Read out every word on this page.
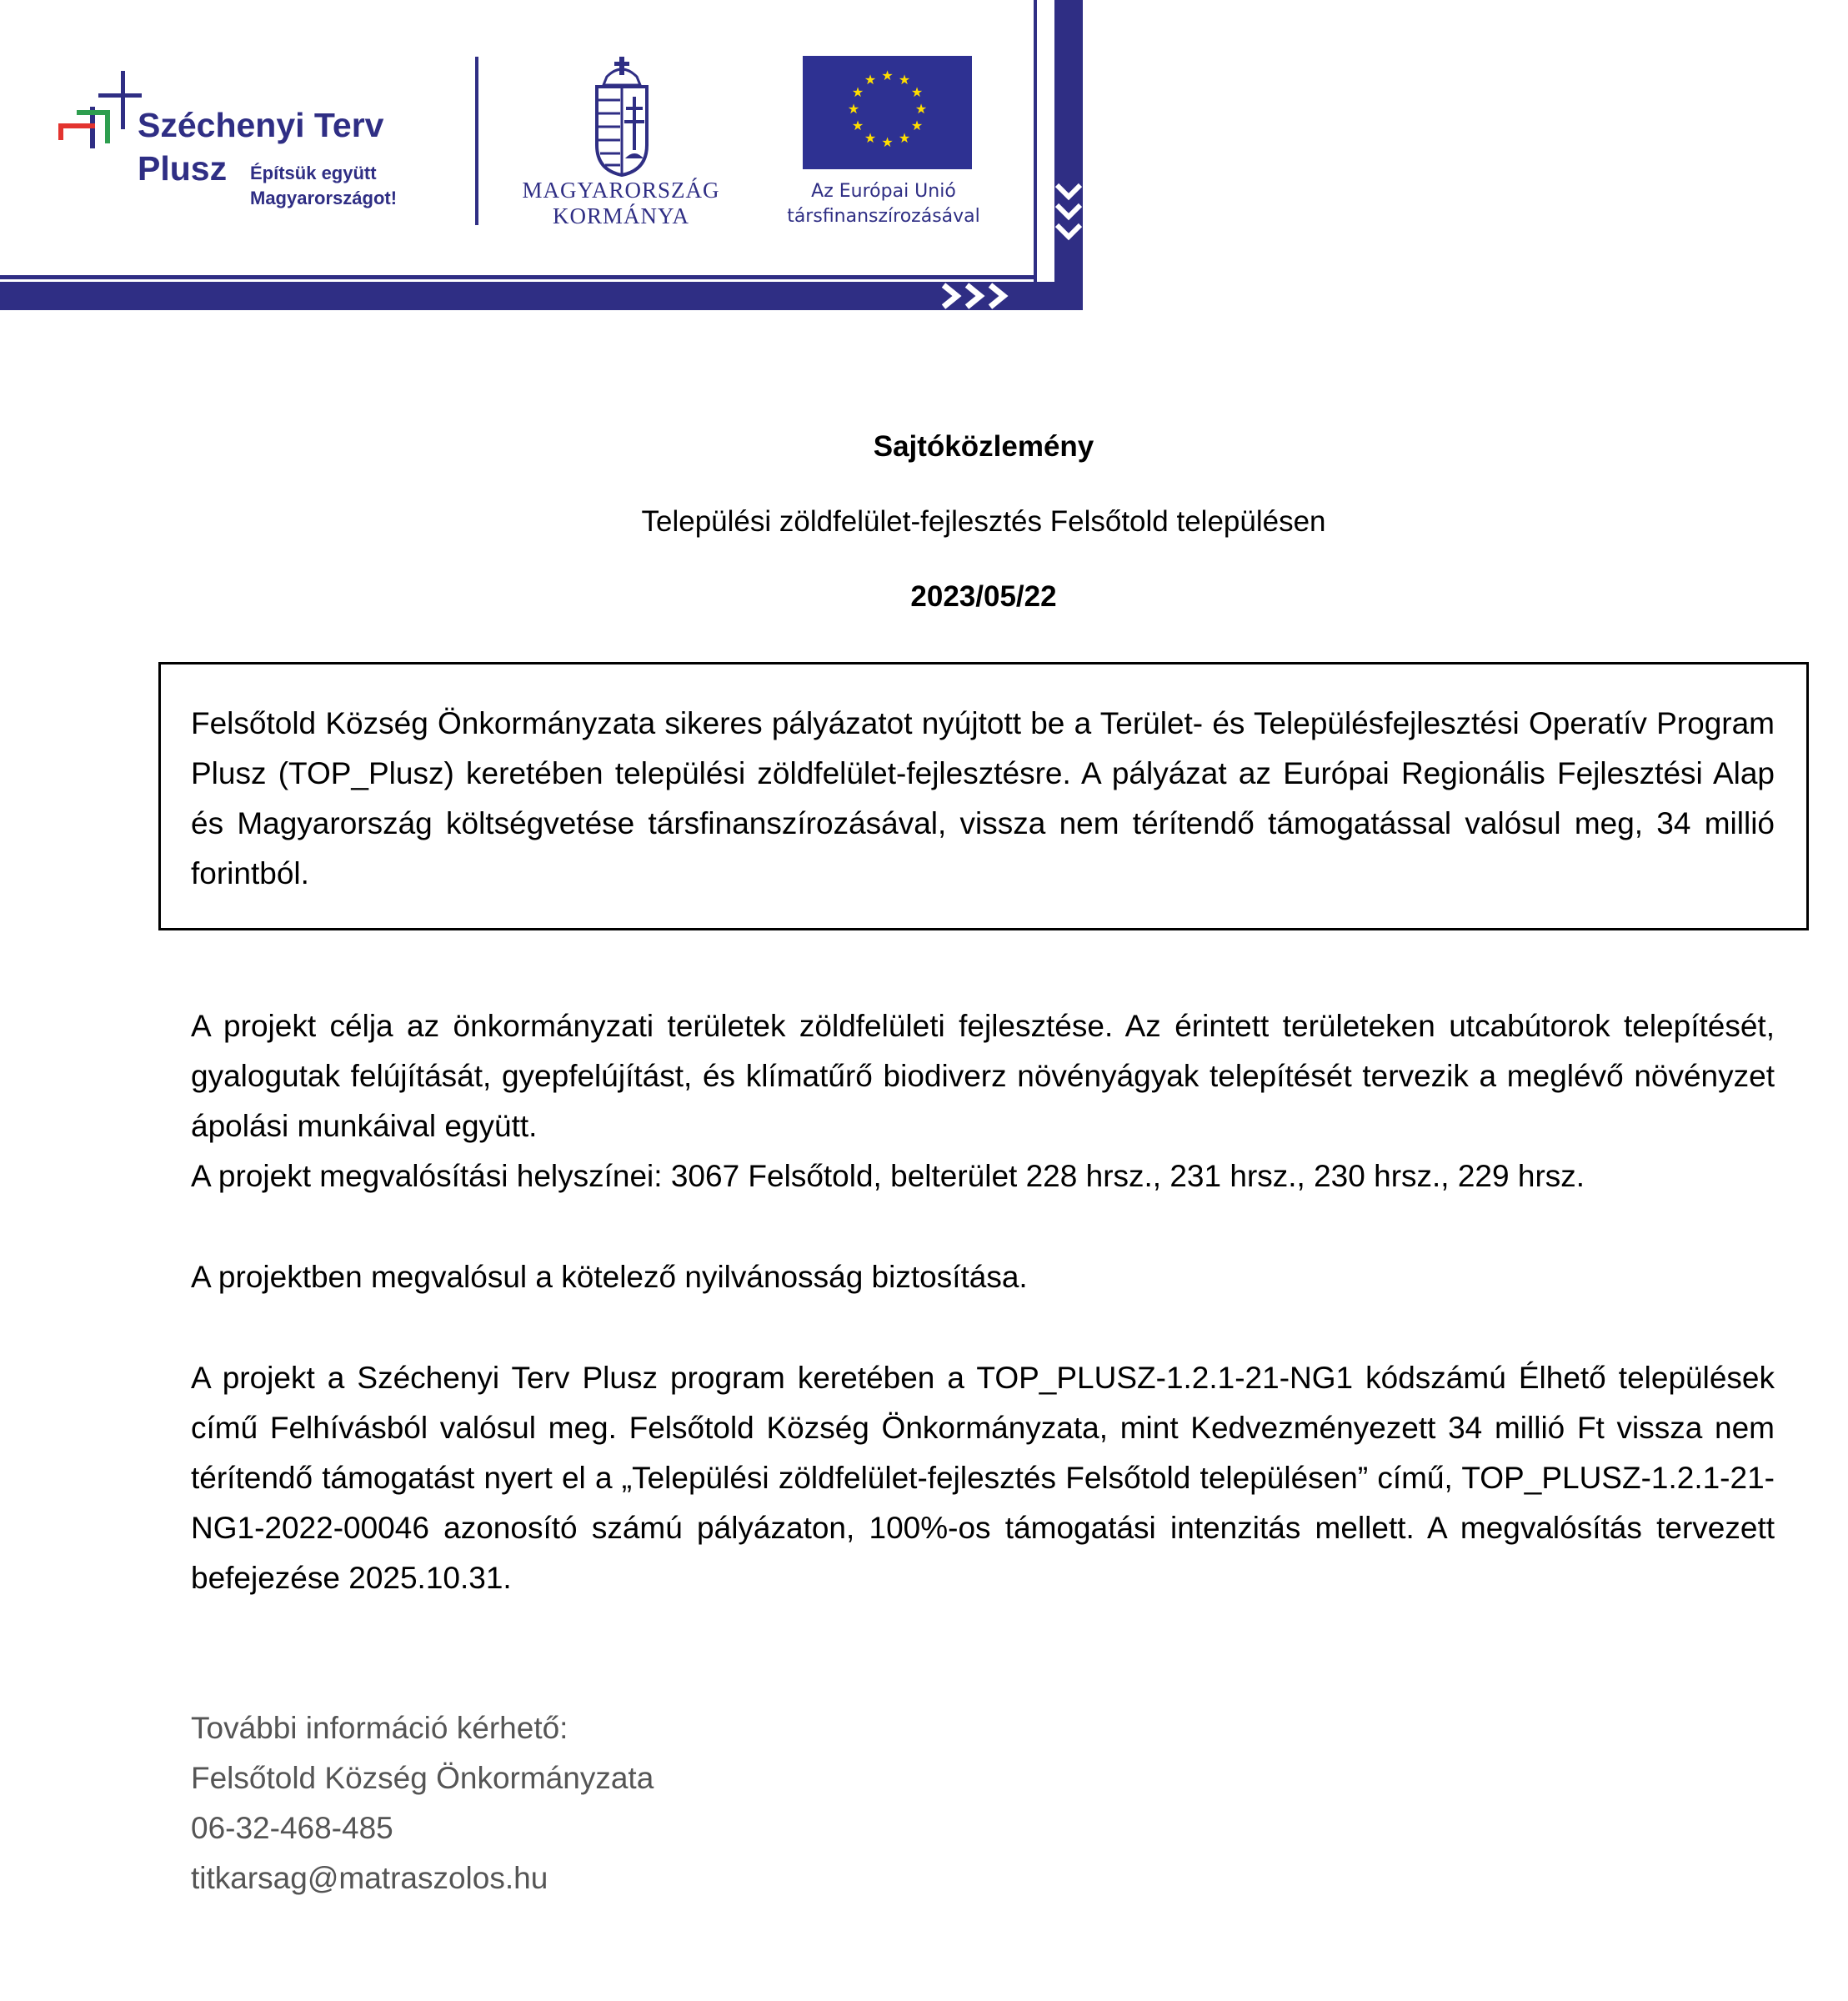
★ ★
★
★
★
★
★
★
★
★
★
★
Széchenyi Terv
Plusz Építsük együtt
Magyarországot!	MAGYARORSZÁG
KORMÁNYA
Az Európai Unió
társfinanszírozásával
Sajtóközlemény
Települési zöldfelület-fejlesztés Felsőtold településen
2023/05/22

Felsőtold Község Önkormányzata sikeres pályázatot nyújtott be a Terület- és Településfejlesztési Operatív Program Plusz (TOP_Plusz) keretében települési zöldfelület-fejlesztésre. A pályázat az Európai Regionális Fejlesztési Alap és Magyarország költségvetése társfinanszírozásával, vissza nem térítendő támogatással valósul meg, 34 millió forintból.

A projekt célja az önkormányzati területek zöldfelületi fejlesztése. Az érintett területeken utcabútorok telepítését, gyalogutak felújítását, gyepfelújítást, és klímatűrő biodiverz növényágyak telepítését tervezik a meglévő növényzet ápolási munkáival együtt.

A projekt megvalósítási helyszínei: 3067 Felsőtold, belterület 228 hrsz., 231 hrsz., 230 hrsz., 229 hrsz.

A projektben megvalósul a kötelező nyilvánosság biztosítása.

A projekt a Széchenyi Terv Plusz program keretében a TOP_PLUSZ-1.2.1-21-NG1 kódszámú Élhető települések című Felhívásból valósul meg. Felsőtold Község Önkormányzata, mint Kedvezményezett 34 millió Ft vissza nem térítendő támogatást nyert el a „Települési zöldfelület-fejlesztés Felsőtold településen” című, TOP_PLUSZ-1.2.1-21-NG1-2022-00046 azonosító számú pályázaton, 100%-os támogatási intenzitás mellett. A megvalósítás tervezett befejezése 2025.10.31.

További információ kérhető:
Felsőtold Község Önkormányzata
06-32-468-485
titkarsag@matraszolos.hu
